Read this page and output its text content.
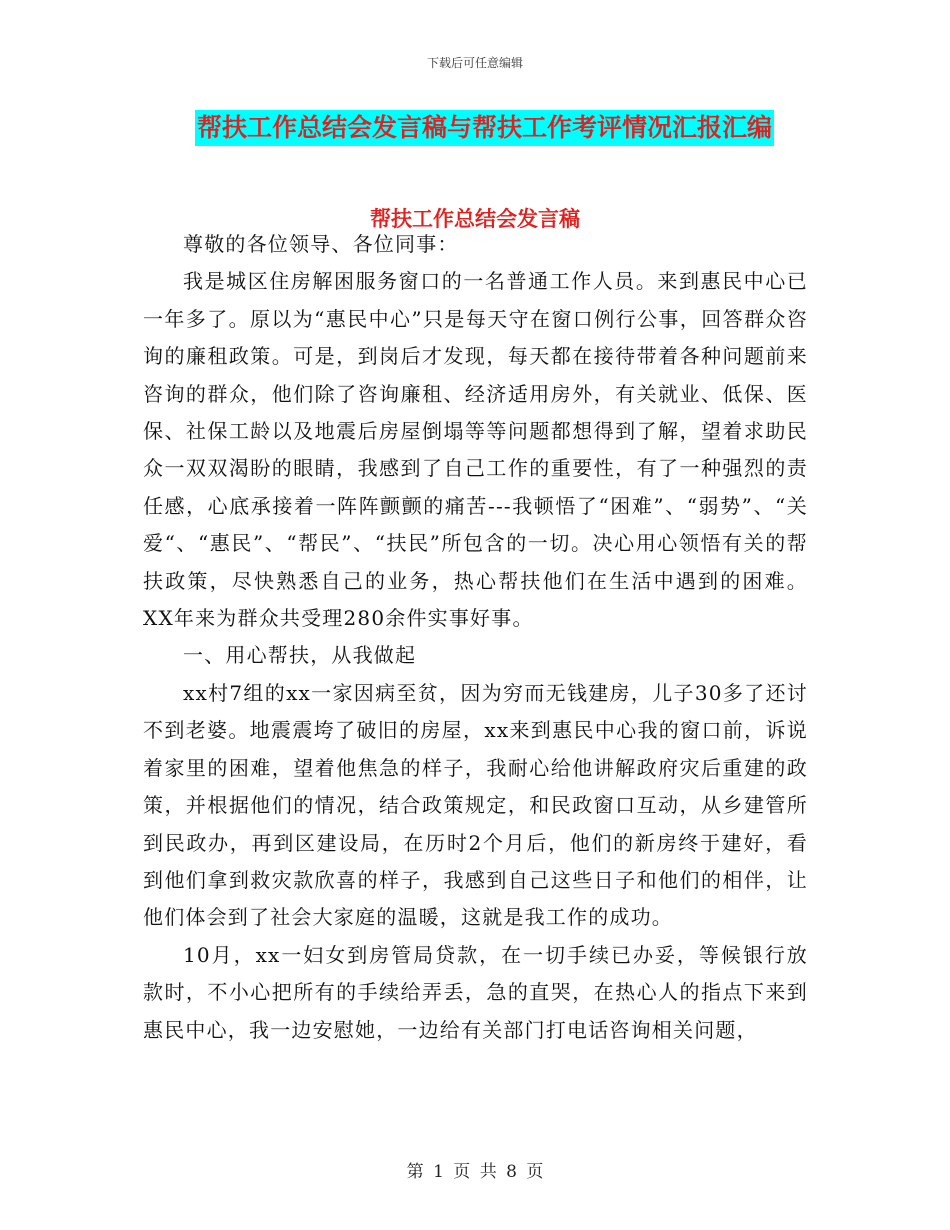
下载后可任意编辑
帮扶工作总结会发言稿与帮扶工作考评情况汇报汇编
帮扶工作总结会发言稿

尊敬的各位领导、各位同事：

我是城区住房解困服务窗口的一名普通工作人员。来到惠民中心已一年多了。原以为“惠民中心”只是每天守在窗口例行公事，回答群众咨询的廉租政策。可是，到岗后才发现，每天都在接待带着各种问题前来咨询的群众，他们除了咨询廉租、经济适用房外，有关就业、低保、医保、社保工龄以及地震后房屋倒塌等等问题都想得到了解，望着求助民众一双双渴盼的眼睛，我感到了自己工作的重要性，有了一种强烈的责任感，心底承接着一阵阵颤颤的痛苦---我顿悟了“困难”、“弱势”、“关爱“、“惠民”、“帮民”、“扶民”所包含的一切。决心用心领悟有关的帮扶政策，尽快熟悉自己的业务，热心帮扶他们在生活中遇到的困难。XX年来为群众共受理280余件实事好事。

一、用心帮扶，从我做起

xx村7组的xx一家因病至贫，因为穷而无钱建房，儿子30多了还讨不到老婆。地震震垮了破旧的房屋，xx来到惠民中心我的窗口前，诉说着家里的困难，望着他焦急的样子，我耐心给他讲解政府灾后重建的政策，并根据他们的情况，结合政策规定，和民政窗口互动，从乡建管所到民政办，再到区建设局，在历时2个月后，他们的新房终于建好，看到他们拿到救灾款欣喜的样子，我感到自己这些日子和他们的相伴，让他们体会到了社会大家庭的温暖，这就是我工作的成功。

10月，xx一妇女到房管局贷款，在一切手续已办妥，等候银行放款时，不小心把所有的手续给弄丢，急的直哭，在热心人的指点下来到惠民中心，我一边安慰她，一边给有关部门打电话咨询相关问题，

第 1 页 共 8 页
